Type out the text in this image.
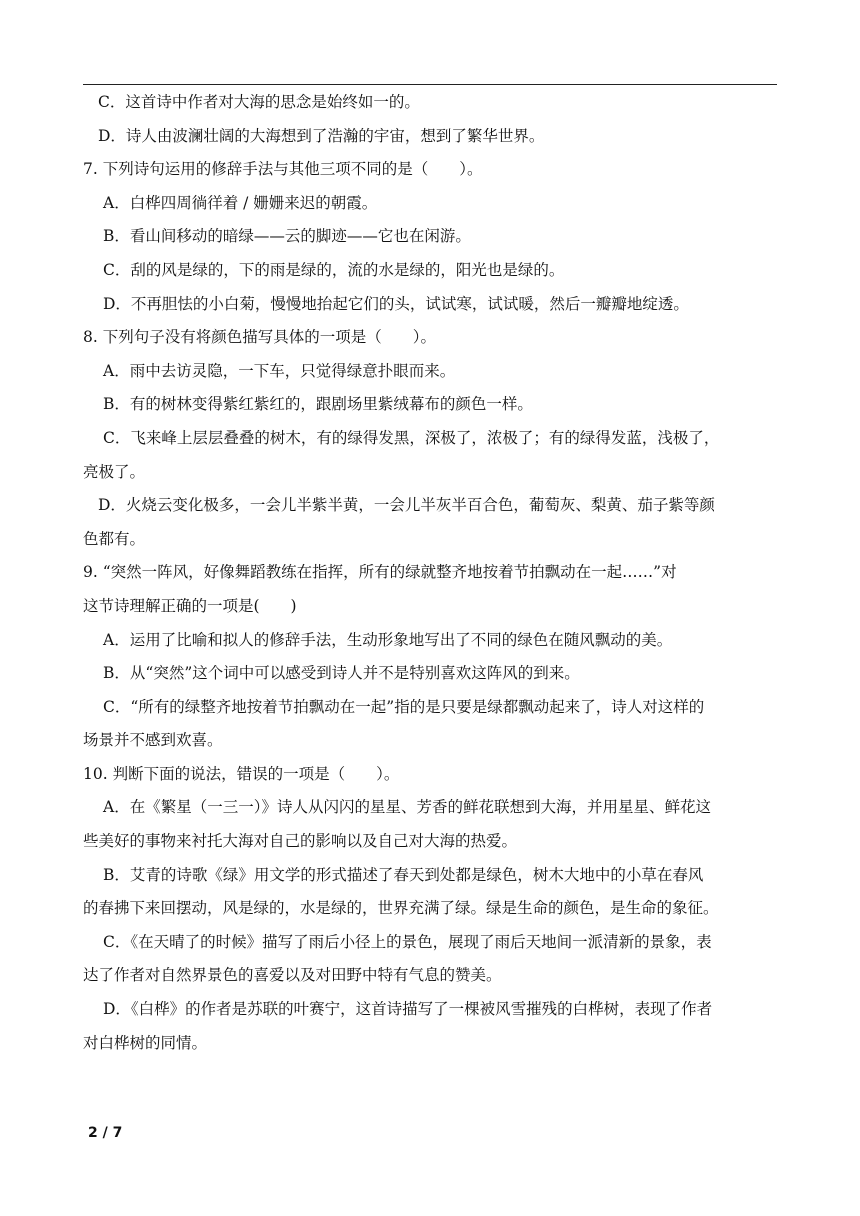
C．这首诗中作者对大海的思念是始终如一的。
D．诗人由波澜壮阔的大海想到了浩瀚的宇宙，想到了繁华世界。
7. 下列诗句运用的修辞手法与其他三项不同的是（　　）。
A．白桦四周徜徉着 / 姗姗来迟的朝霞。
B．看山间移动的暗绿——云的脚迹——它也在闲游。
C．刮的风是绿的，下的雨是绿的，流的水是绿的，阳光也是绿的。
D．不再胆怯的小白菊，慢慢地抬起它们的头，试试寒，试试暖，然后一瓣瓣地绽透。
8. 下列句子没有将颜色描写具体的一项是（　　）。
A．雨中去访灵隐，一下车，只觉得绿意扑眼而来。
B．有的树林变得紫红紫红的，跟剧场里紫绒幕布的颜色一样。
C．飞来峰上层层叠叠的树木，有的绿得发黑，深极了，浓极了；有的绿得发蓝，浅极了，
亮极了。
D．火烧云变化极多，一会儿半紫半黄，一会儿半灰半百合色，葡萄灰、梨黄、茄子紫等颜
色都有。
9. “突然一阵风，好像舞蹈教练在指挥，所有的绿就整齐地按着节拍飘动在一起……”对
这节诗理解正确的一项是(　　)
A．运用了比喻和拟人的修辞手法，生动形象地写出了不同的绿色在随风飘动的美。
B．从“突然”这个词中可以感受到诗人并不是特别喜欢这阵风的到来。
C．“所有的绿整齐地按着节拍飘动在一起”指的是只要是绿都飘动起来了，诗人对这样的
场景并不感到欢喜。
10. 判断下面的说法，错误的一项是（　　）。
A．在《繁星（一三一）》诗人从闪闪的星星、芳香的鲜花联想到大海，并用星星、鲜花这
些美好的事物来衬托大海对自己的影响以及自己对大海的热爱。
B．艾青的诗歌《绿》用文学的形式描述了春天到处都是绿色，树木大地中的小草在春风
的春拂下来回摆动，风是绿的，水是绿的，世界充满了绿。绿是生命的颜色，是生命的象征。
C．《在天晴了的时候》描写了雨后小径上的景色，展现了雨后天地间一派清新的景象，表
达了作者对自然界景色的喜爱以及对田野中特有气息的赞美。
D．《白桦》的作者是苏联的叶赛宁，这首诗描写了一棵被风雪摧残的白桦树，表现了作者
对白桦树的同情。
2 / 7
